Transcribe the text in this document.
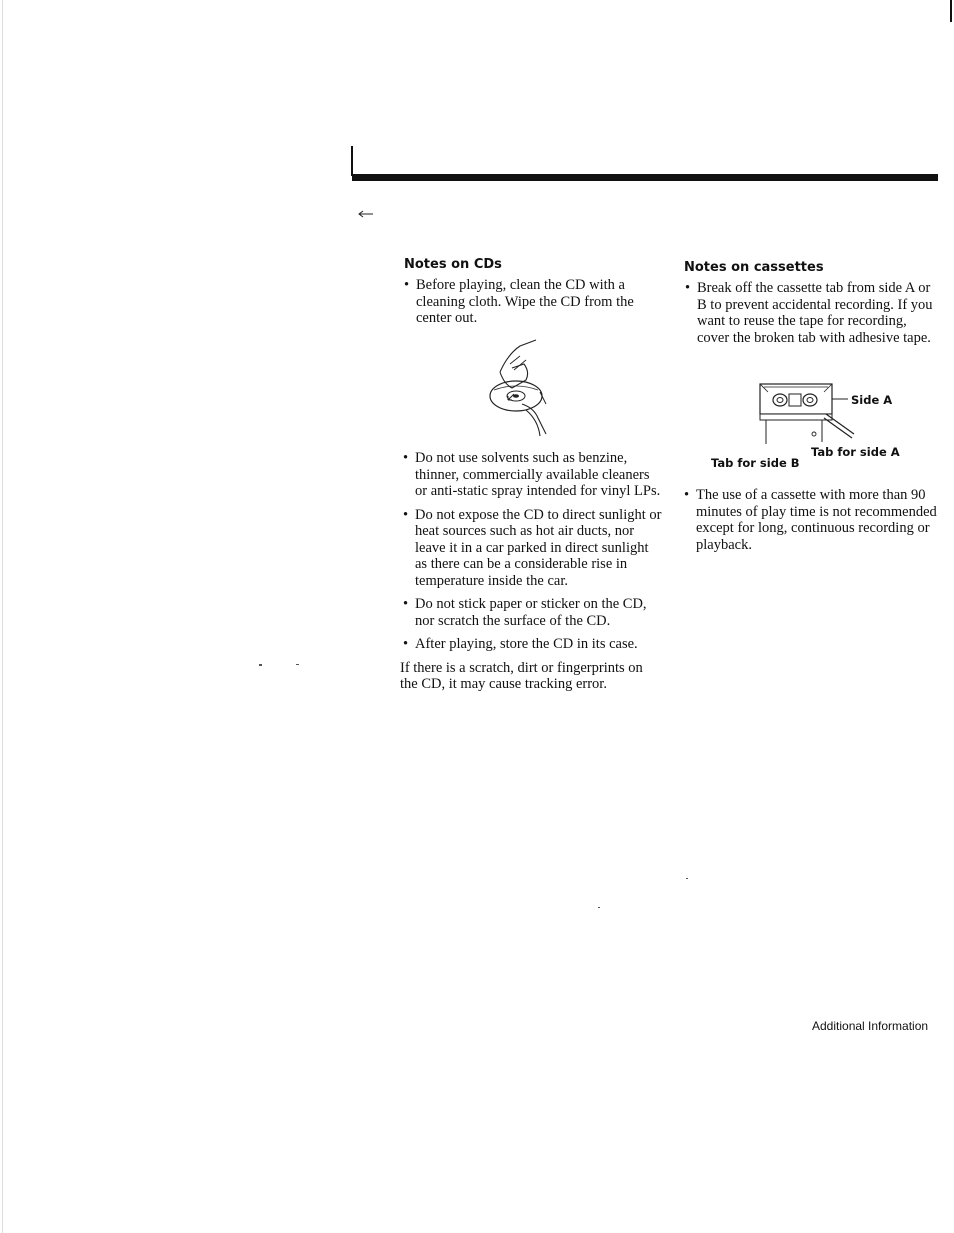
Notes on CDs
• Before playing, clean the CD with a cleaning cloth. Wipe the CD from the center out.
• Do not use solvents such as benzine, thinner, commercially available cleaners or anti-static spray intended for vinyl LPs.
• Do not expose the CD to direct sunlight or heat sources such as hot air ducts, nor leave it in a car parked in direct sunlight as there can be a considerable rise in temperature inside the car.
• Do not stick paper or sticker on the CD, nor scratch the surface of the CD.
• After playing, store the CD in its case.

If there is a scratch, dirt or fingerprints on the CD, it may cause tracking error.

Notes on cassettes
• Break off the cassette tab from side A or B to prevent accidental recording. If you want to reuse the tape for recording, cover the broken tab with adhesive tape.
Side A
Tab for side A
Tab for side B
• The use of a cassette with more than 90 minutes of play time is not recommended except for long, continuous recording or playback.
Additional Information
